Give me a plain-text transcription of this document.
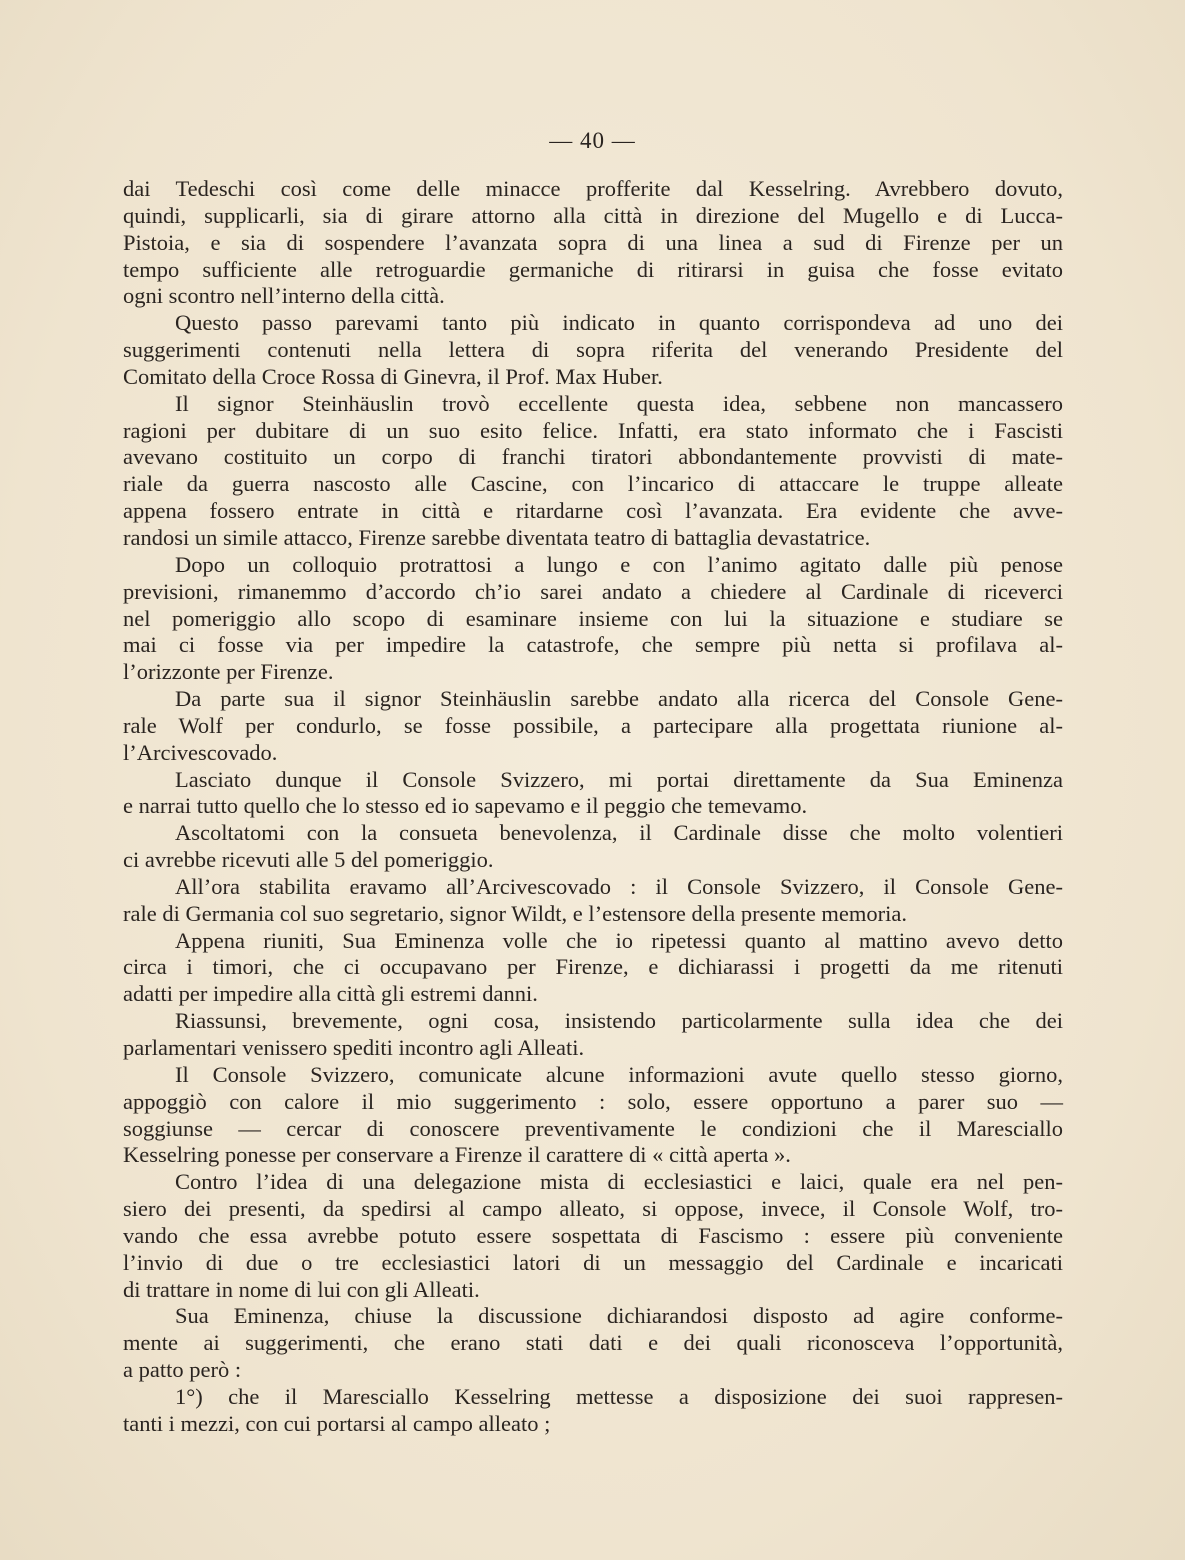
— 40 —
dai Tedeschi così come delle minacce profferite dal Kesselring. Avrebbero dovuto,
quindi, supplicarli, sia di girare attorno alla città in direzione del Mugello e di Lucca-
Pistoia, e sia di sospendere l’avanzata sopra di una linea a sud di Firenze per un
tempo sufficiente alle retroguardie germaniche di ritirarsi in guisa che fosse evitato
ogni scontro nell’interno della città.
Questo passo parevami tanto più indicato in quanto corrispondeva ad uno dei
suggerimenti contenuti nella lettera di sopra riferita del venerando Presidente del
Comitato della Croce Rossa di Ginevra, il Prof. Max Huber.
Il signor Steinhäuslin trovò eccellente questa idea, sebbene non mancassero
ragioni per dubitare di un suo esito felice. Infatti, era stato informato che i Fascisti
avevano costituito un corpo di franchi tiratori abbondantemente provvisti di mate-
riale da guerra nascosto alle Cascine, con l’incarico di attaccare le truppe alleate
appena fossero entrate in città e ritardarne così l’avanzata. Era evidente che avve-
randosi un simile attacco, Firenze sarebbe diventata teatro di battaglia devastatrice.
Dopo un colloquio protrattosi a lungo e con l’animo agitato dalle più penose
previsioni, rimanemmo d’accordo ch’io sarei andato a chiedere al Cardinale di riceverci
nel pomeriggio allo scopo di esaminare insieme con lui la situazione e studiare se
mai ci fosse via per impedire la catastrofe, che sempre più netta si profilava al-
l’orizzonte per Firenze.
Da parte sua il signor Steinhäuslin sarebbe andato alla ricerca del Console Gene-
rale Wolf per condurlo, se fosse possibile, a partecipare alla progettata riunione al-
l’Arcivescovado.
Lasciato dunque il Console Svizzero, mi portai direttamente da Sua Eminenza
e narrai tutto quello che lo stesso ed io sapevamo e il peggio che temevamo.
Ascoltatomi con la consueta benevolenza, il Cardinale disse che molto volentieri
ci avrebbe ricevuti alle 5 del pomeriggio.
All’ora stabilita eravamo all’Arcivescovado : il Console Svizzero, il Console Gene-
rale di Germania col suo segretario, signor Wildt, e l’estensore della presente memoria.
Appena riuniti, Sua Eminenza volle che io ripetessi quanto al mattino avevo detto
circa i timori, che ci occupavano per Firenze, e dichiarassi i progetti da me ritenuti
adatti per impedire alla città gli estremi danni.
Riassunsi, brevemente, ogni cosa, insistendo particolarmente sulla idea che dei
parlamentari venissero spediti incontro agli Alleati.
Il Console Svizzero, comunicate alcune informazioni avute quello stesso giorno,
appoggiò con calore il mio suggerimento : solo, essere opportuno a parer suo —
soggiunse — cercar di conoscere preventivamente le condizioni che il Maresciallo
Kesselring ponesse per conservare a Firenze il carattere di « città aperta ».
Contro l’idea di una delegazione mista di ecclesiastici e laici, quale era nel pen-
siero dei presenti, da spedirsi al campo alleato, si oppose, invece, il Console Wolf, tro-
vando che essa avrebbe potuto essere sospettata di Fascismo : essere più conveniente
l’invio di due o tre ecclesiastici latori di un messaggio del Cardinale e incaricati
di trattare in nome di lui con gli Alleati.
Sua Eminenza, chiuse la discussione dichiarandosi disposto ad agire conforme-
mente ai suggerimenti, che erano stati dati e dei quali riconosceva l’opportunità,
a patto però :
1°) che il Maresciallo Kesselring mettesse a disposizione dei suoi rappresen-
tanti i mezzi, con cui portarsi al campo alleato ;
